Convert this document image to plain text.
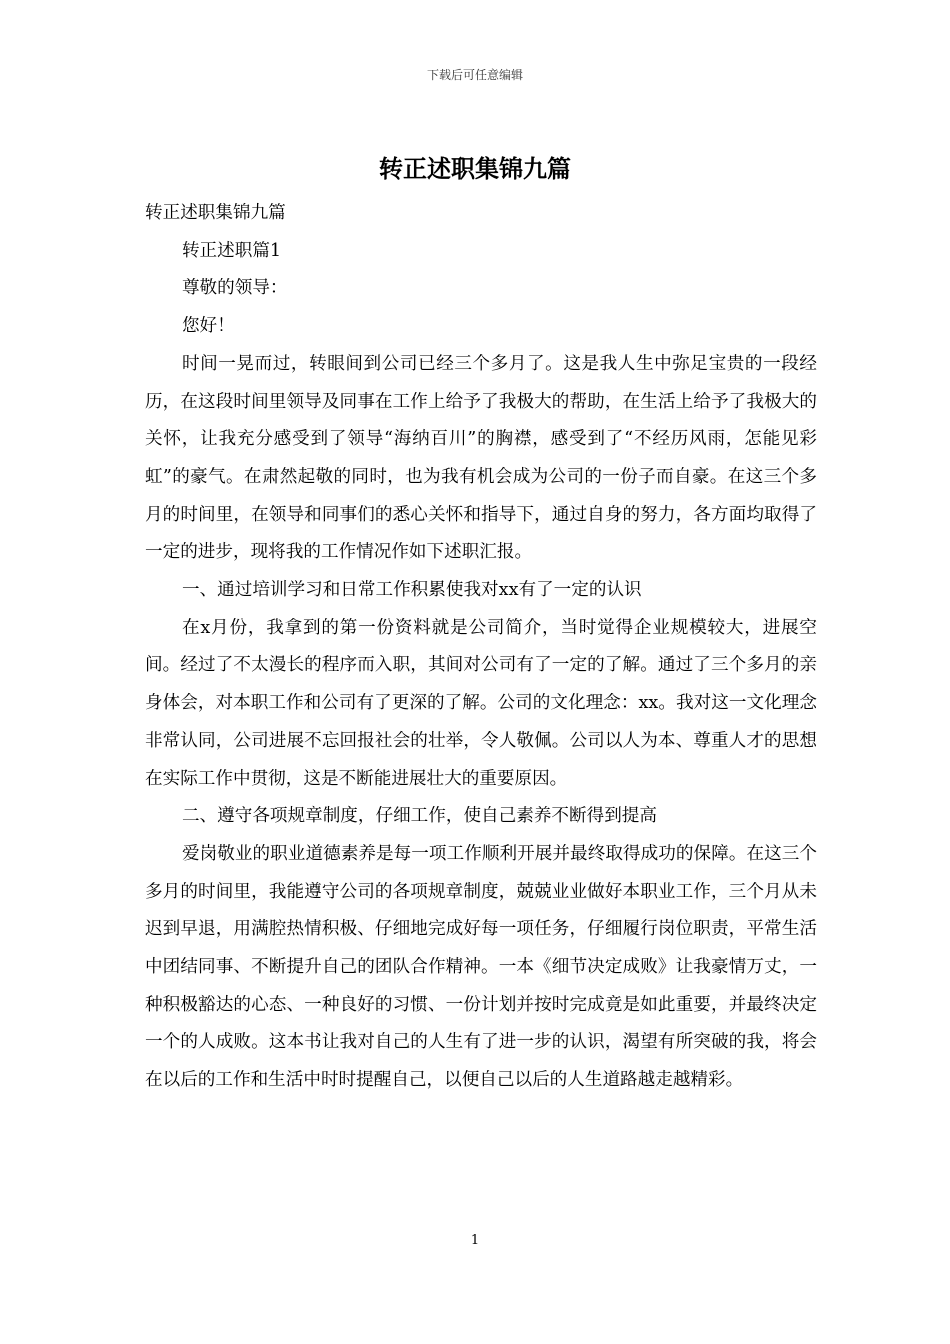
下载后可任意编辑
转正述职集锦九篇

转正述职集锦九篇

转正述职篇1

尊敬的领导：

您好！

时间一晃而过，转眼间到公司已经三个多月了。这是我人生中弥足宝贵的一段经历，在这段时间里领导及同事在工作上给予了我极大的帮助，在生活上给予了我极大的关怀，让我充分感受到了领导“海纳百川”的胸襟，感受到了“不经历风雨，怎能见彩虹”的豪气。在肃然起敬的同时，也为我有机会成为公司的一份子而自豪。在这三个多月的时间里，在领导和同事们的悉心关怀和指导下，通过自身的努力，各方面均取得了一定的进步，现将我的工作情况作如下述职汇报。

一、通过培训学习和日常工作积累使我对xx有了一定的认识

在x月份，我拿到的第一份资料就是公司简介，当时觉得企业规模较大，进展空间。经过了不太漫长的程序而入职，其间对公司有了一定的了解。通过了三个多月的亲身体会，对本职工作和公司有了更深的了解。公司的文化理念：xx。我对这一文化理念非常认同，公司进展不忘回报社会的壮举，令人敬佩。公司以人为本、尊重人才的思想在实际工作中贯彻，这是不断能进展壮大的重要原因。

二、遵守各项规章制度，仔细工作，使自己素养不断得到提高

爱岗敬业的职业道德素养是每一项工作顺利开展并最终取得成功的保障。在这三个多月的时间里，我能遵守公司的各项规章制度，兢兢业业做好本职业工作，三个月从未迟到早退，用满腔热情积极、仔细地完成好每一项任务，仔细履行岗位职责，平常生活中团结同事、不断提升自己的团队合作精神。一本《细节决定成败》让我豪情万丈，一种积极豁达的心态、一种良好的习惯、一份计划并按时完成竟是如此重要，并最终决定一个的人成败。这本书让我对自己的人生有了进一步的认识，渴望有所突破的我，将会在以后的工作和生活中时时提醒自己，以便自己以后的人生道路越走越精彩。

1
